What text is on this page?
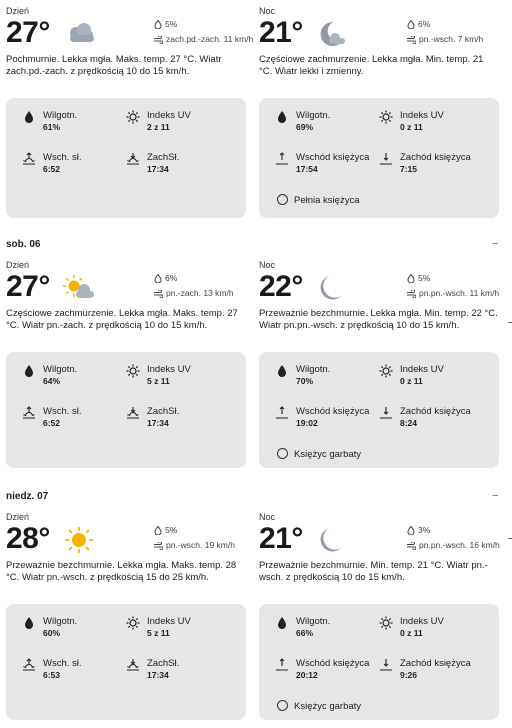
Dzień
27°	5%
zach.pd.-zach. 11 km/h
Pochmurnie. Lekka mgła. Maks. temp. 27 °C. Wiatr zach.pd.-zach. z prędkością 10 do 15 km/h.
Wilgotn.
61%
Indeks UV
2 z 11
Wsch. sł.
6:52
ZachSł.
17:34
Noc
21°	6%
pn.-wsch. 7 km/h
Częściowe zachmurzenie. Lekka mgła. Min. temp. 21 °C. Wiatr lekki i zmienny.
Wilgotn.
69%
Indeks UV
0 z 11
Wschód księżyca
17:54
Zachód księżyca
7:15
Pełnia księżyca
sob. 06	–
Dzień
27°	6%
pn.-zach. 13 km/h
Częściowe zachmurzenie. Lekka mgła. Maks. temp. 27 °C. Wiatr pn.-zach. z prędkością 10 do 15 km/h.
Wilgotn.
64%
Indeks UV
5 z 11
Wsch. sł.
6:52
ZachSł.
17:34
Noc
22°	5%
pn.pn.-wsch. 11 km/h
Przeważnie bezchmurnie. Lekka mgła. Min. temp. 22 °C. Wiatr pn.pn.-wsch. z prędkością 10 do 15 km/h.
Wilgotn.
70%
Indeks UV
0 z 11
Wschód księżyca
19:02
Zachód księżyca
8:24
Księżyc garbaty
niedz. 07	–
Dzień
28°	5%
pn.-wsch. 19 km/h
Przeważnie bezchmurnie. Lekka mgła. Maks. temp. 28 °C. Wiatr pn.-wsch. z prędkością 15 do 25 km/h.
Wilgotn.
60%
Indeks UV
5 z 11
Wsch. sł.
6:53
ZachSł.
17:34
Noc
21°	3%
pn.pn.-wsch. 16 km/h
Przeważnie bezchmurnie. Min. temp. 21 °C. Wiatr pn.-wsch. z prędkością 10 do 15 km/h.
Wilgotn.
66%
Indeks UV
0 z 11
Wschód księżyca
20:12
Zachód księżyca
9:26
Księżyc garbaty
